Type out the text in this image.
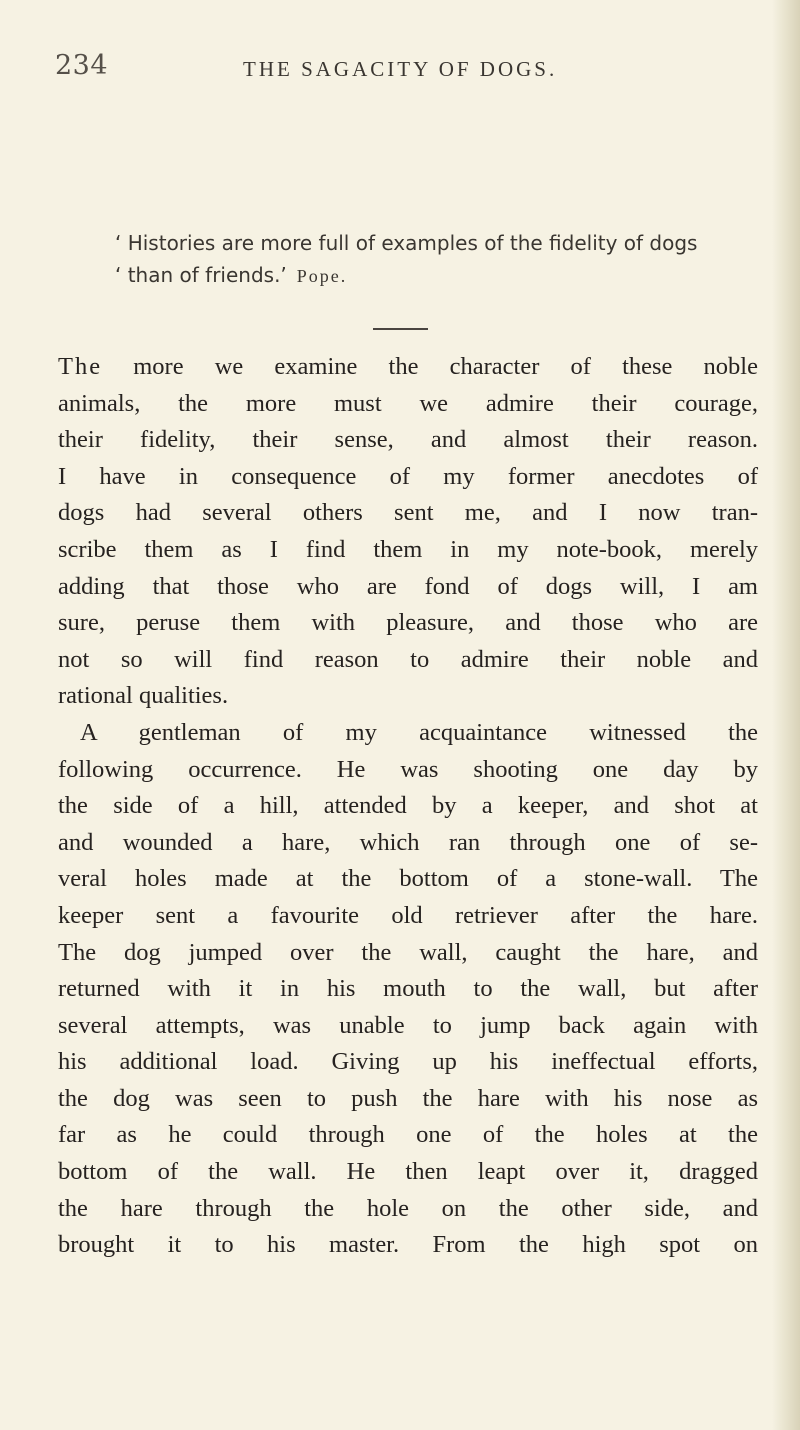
234	THE SAGACITY OF DOGS.
‘ Histories are more full of examples of the fidelity of dogs
‘ than of friends.’ Pope.
The more we examine the character of these noble
animals, the more must we admire their courage,
their fidelity, their sense, and almost their reason.
I have in consequence of my former anecdotes of
dogs had several others sent me, and I now tran-
scribe them as I find them in my note-book, merely
adding that those who are fond of dogs will, I am
sure, peruse them with pleasure, and those who are
not so will find reason to admire their noble and
rational qualities.
A gentleman of my acquaintance witnessed the
following occurrence. He was shooting one day by
the side of a hill, attended by a keeper, and shot at
and wounded a hare, which ran through one of se-
veral holes made at the bottom of a stone-wall. The
keeper sent a favourite old retriever after the hare.
The dog jumped over the wall, caught the hare, and
returned with it in his mouth to the wall, but after
several attempts, was unable to jump back again with
his additional load. Giving up his ineffectual efforts,
the dog was seen to push the hare with his nose as
far as he could through one of the holes at the
bottom of the wall. He then leapt over it, dragged
the hare through the hole on the other side, and
brought it to his master. From the high spot on
